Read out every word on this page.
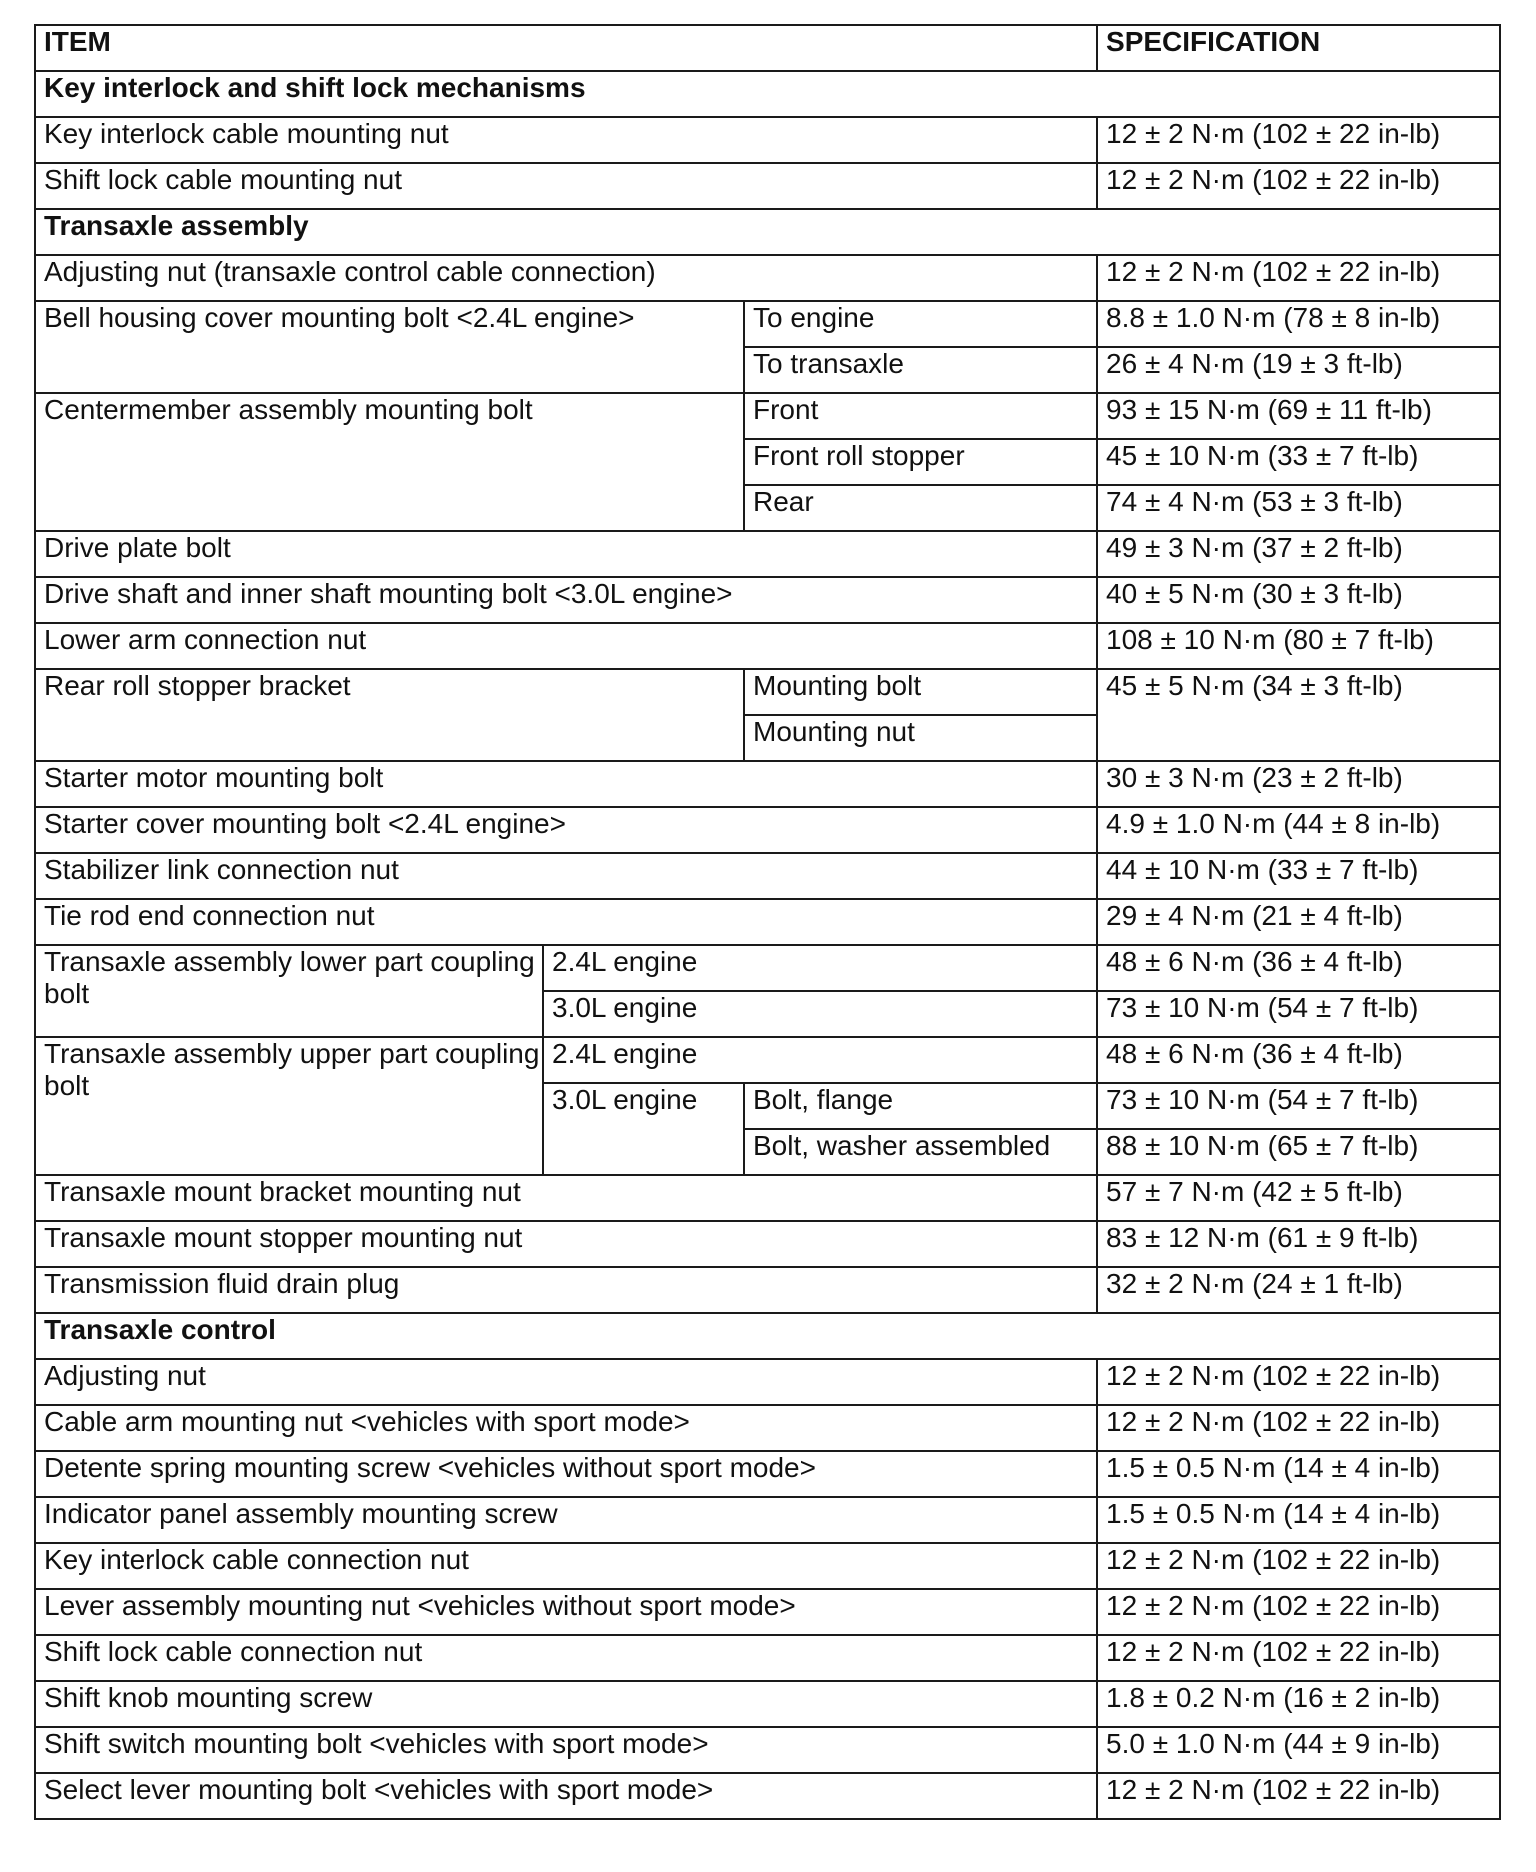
ITEM			SPECIFICATION
Key interlock and shift lock mechanisms			
Key interlock cable mounting nut			12 ± 2 N·m (102 ± 22 in-lb)
Shift lock cable mounting nut			12 ± 2 N·m (102 ± 22 in-lb)
Transaxle assembly			
Adjusting nut (transaxle control cable connection)			12 ± 2 N·m (102 ± 22 in-lb)
Bell housing cover mounting bolt <2.4L engine>		To engine	8.8 ± 1.0 N·m (78 ± 8 in-lb)
		To transaxle	26 ± 4 N·m (19 ± 3 ft-lb)
Centermember assembly mounting bolt		Front	93 ± 15 N·m (69 ± 11 ft-lb)
		Front roll stopper	45 ± 10 N·m (33 ± 7 ft-lb)
		Rear	74 ± 4 N·m (53 ± 3 ft-lb)
Drive plate bolt			49 ± 3 N·m (37 ± 2 ft-lb)
Drive shaft and inner shaft mounting bolt <3.0L engine>			40 ± 5 N·m (30 ± 3 ft-lb)
Lower arm connection nut			108 ± 10 N·m (80 ± 7 ft-lb)
Rear roll stopper bracket		Mounting bolt	45 ± 5 N·m (34 ± 3 ft-lb)
		Mounting nut	
Starter motor mounting bolt			30 ± 3 N·m (23 ± 2 ft-lb)
Starter cover mounting bolt <2.4L engine>			4.9 ± 1.0 N·m (44 ± 8 in-lb)
Stabilizer link connection nut			44 ± 10 N·m (33 ± 7 ft-lb)
Tie rod end connection nut			29 ± 4 N·m (21 ± 4 ft-lb)
Transaxle assembly lower part coupling bolt	2.4L engine		48 ± 6 N·m (36 ± 4 ft-lb)
	3.0L engine		73 ± 10 N·m (54 ± 7 ft-lb)
Transaxle assembly upper part coupling bolt	2.4L engine		48 ± 6 N·m (36 ± 4 ft-lb)
	3.0L engine	Bolt, flange	73 ± 10 N·m (54 ± 7 ft-lb)
		Bolt, washer assembled	88 ± 10 N·m (65 ± 7 ft-lb)
Transaxle mount bracket mounting nut			57 ± 7 N·m (42 ± 5 ft-lb)
Transaxle mount stopper mounting nut			83 ± 12 N·m (61 ± 9 ft-lb)
Transmission fluid drain plug			32 ± 2 N·m (24 ± 1 ft-lb)
Transaxle control			
Adjusting nut			12 ± 2 N·m (102 ± 22 in-lb)
Cable arm mounting nut <vehicles with sport mode>			12 ± 2 N·m (102 ± 22 in-lb)
Detente spring mounting screw <vehicles without sport mode>			1.5 ± 0.5 N·m (14 ± 4 in-lb)
Indicator panel assembly mounting screw			1.5 ± 0.5 N·m (14 ± 4 in-lb)
Key interlock cable connection nut			12 ± 2 N·m (102 ± 22 in-lb)
Lever assembly mounting nut <vehicles without sport mode>			12 ± 2 N·m (102 ± 22 in-lb)
Shift lock cable connection nut			12 ± 2 N·m (102 ± 22 in-lb)
Shift knob mounting screw			1.8 ± 0.2 N·m (16 ± 2 in-lb)
Shift switch mounting bolt <vehicles with sport mode>			5.0 ± 1.0 N·m (44 ± 9 in-lb)
Select lever mounting bolt <vehicles with sport mode>			12 ± 2 N·m (102 ± 22 in-lb)
